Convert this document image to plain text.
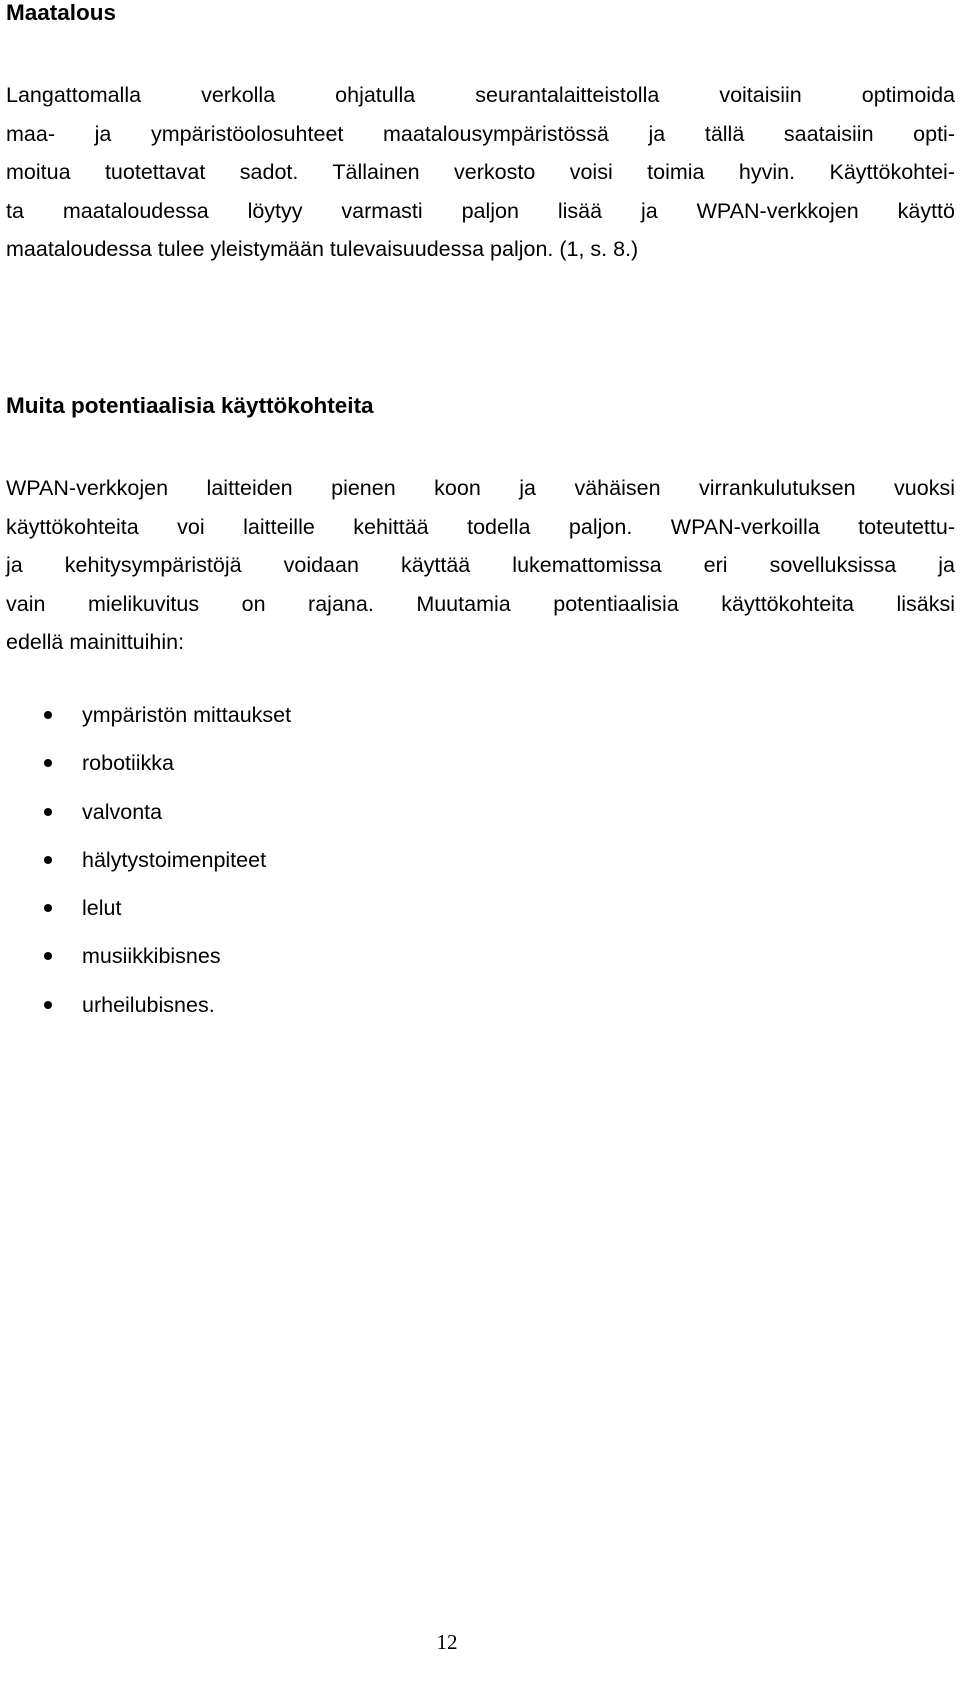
Maatalous

Langattomalla verkolla ohjatulla seurantalaitteistolla voitaisiin optimoida
maa- ja ympäristöolosuhteet maatalousympäristössä ja tällä saataisiin opti-
moitua tuotettavat sadot. Tällainen verkosto voisi toimia hyvin. Käyttökohtei-
ta maataloudessa löytyy varmasti paljon lisää ja WPAN-verkkojen käyttö
maataloudessa tulee yleistymään tulevaisuudessa paljon. (1, s. 8.)

Muita potentiaalisia käyttökohteita

WPAN-verkkojen laitteiden pienen koon ja vähäisen virrankulutuksen vuoksi
käyttökohteita voi laitteille kehittää todella paljon. WPAN-verkoilla toteutettu-
ja kehitysympäristöjä voidaan käyttää lukemattomissa eri sovelluksissa ja
vain mielikuvitus on rajana. Muutamia potentiaalisia käyttökohteita lisäksi
edellä mainittuihin:

ympäristön mittaukset
robotiikka
valvonta
hälytystoimenpiteet
lelut
musiikkibisnes
urheilubisnes.
12
